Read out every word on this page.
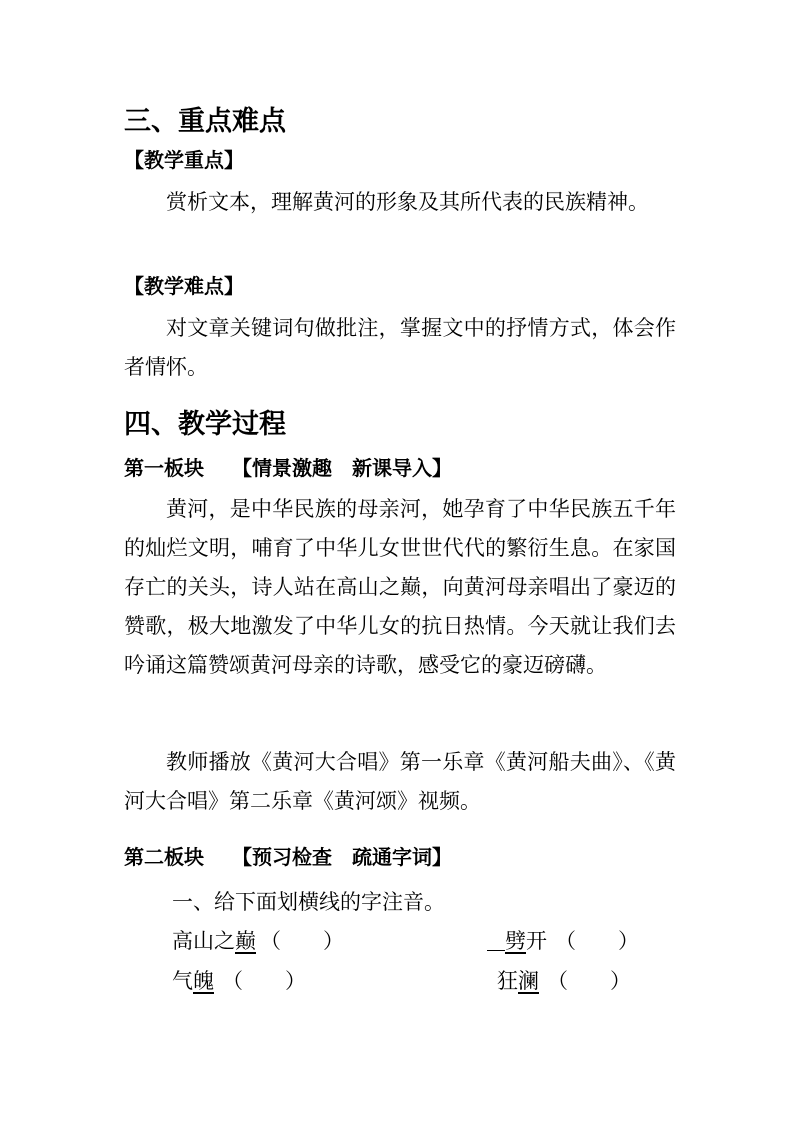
三、重点难点
【教学重点】

赏析文本，理解黄河的形象及其所代表的民族精神。

【教学难点】

对文章关键词句做批注，掌握文中的抒情方式，体会作者情怀。

四、教学过程
第一板块 【情景激趣　新课导入】

黄河，是中华民族的母亲河，她孕育了中华民族五千年的灿烂文明，哺育了中华儿女世世代代的繁衍生息。在家国存亡的关头，诗人站在高山之巅，向黄河母亲唱出了豪迈的赞歌，极大地激发了中华儿女的抗日热情。今天就让我们去吟诵这篇赞颂黄河母亲的诗歌，感受它的豪迈磅礴。

教师播放《黄河大合唱》第一乐章《黄河船夫曲》、《黄河大合唱》第二乐章《黄河颂》视频。

第二板块 【预习检查　疏通字词】
一、给下面划横线的字注音。
高山之巅 （　　）	劈开 （　　）
气魄 （　　）	狂澜 （　　）
